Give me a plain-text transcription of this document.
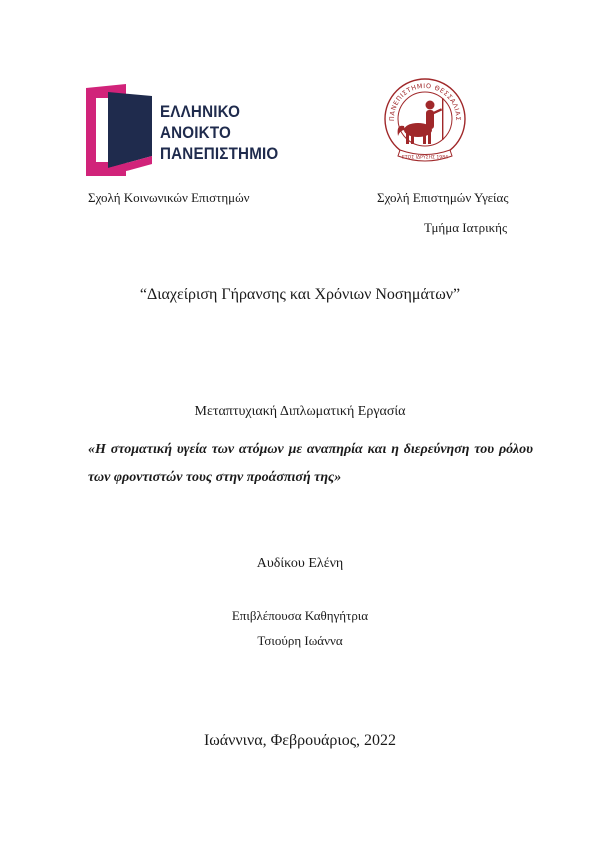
ΕΛΛΗΝΙΚΟ
ΑΝΟΙΚΤΟ
ΠΑΝΕΠΙΣΤΗΜΙΟ
ΠΑΝΕΠΙΣΤΗΜΙΟ ΘΕΣΣΑΛΙΑΣ
ΕΤΟΣ ΙΔΡΥΣΗΣ 1984
Σχολή Κοινωνικών Επιστημών	Σχολή Επιστημών Υγείας
Τμήμα Ιατρικής
“Διαχείριση Γήρανσης και Χρόνιων Νοσημάτων”
Μεταπτυχιακή Διπλωματική Εργασία
«Η στοματική υγεία των ατόμων με αναπηρία και η διερεύνηση του ρόλου των φροντιστών τους στην προάσπισή της»
Αυδίκου Ελένη
Επιβλέπουσα Καθηγήτρια
Τσιούρη Ιωάννα
Ιωάννινα, Φεβρουάριος, 2022
